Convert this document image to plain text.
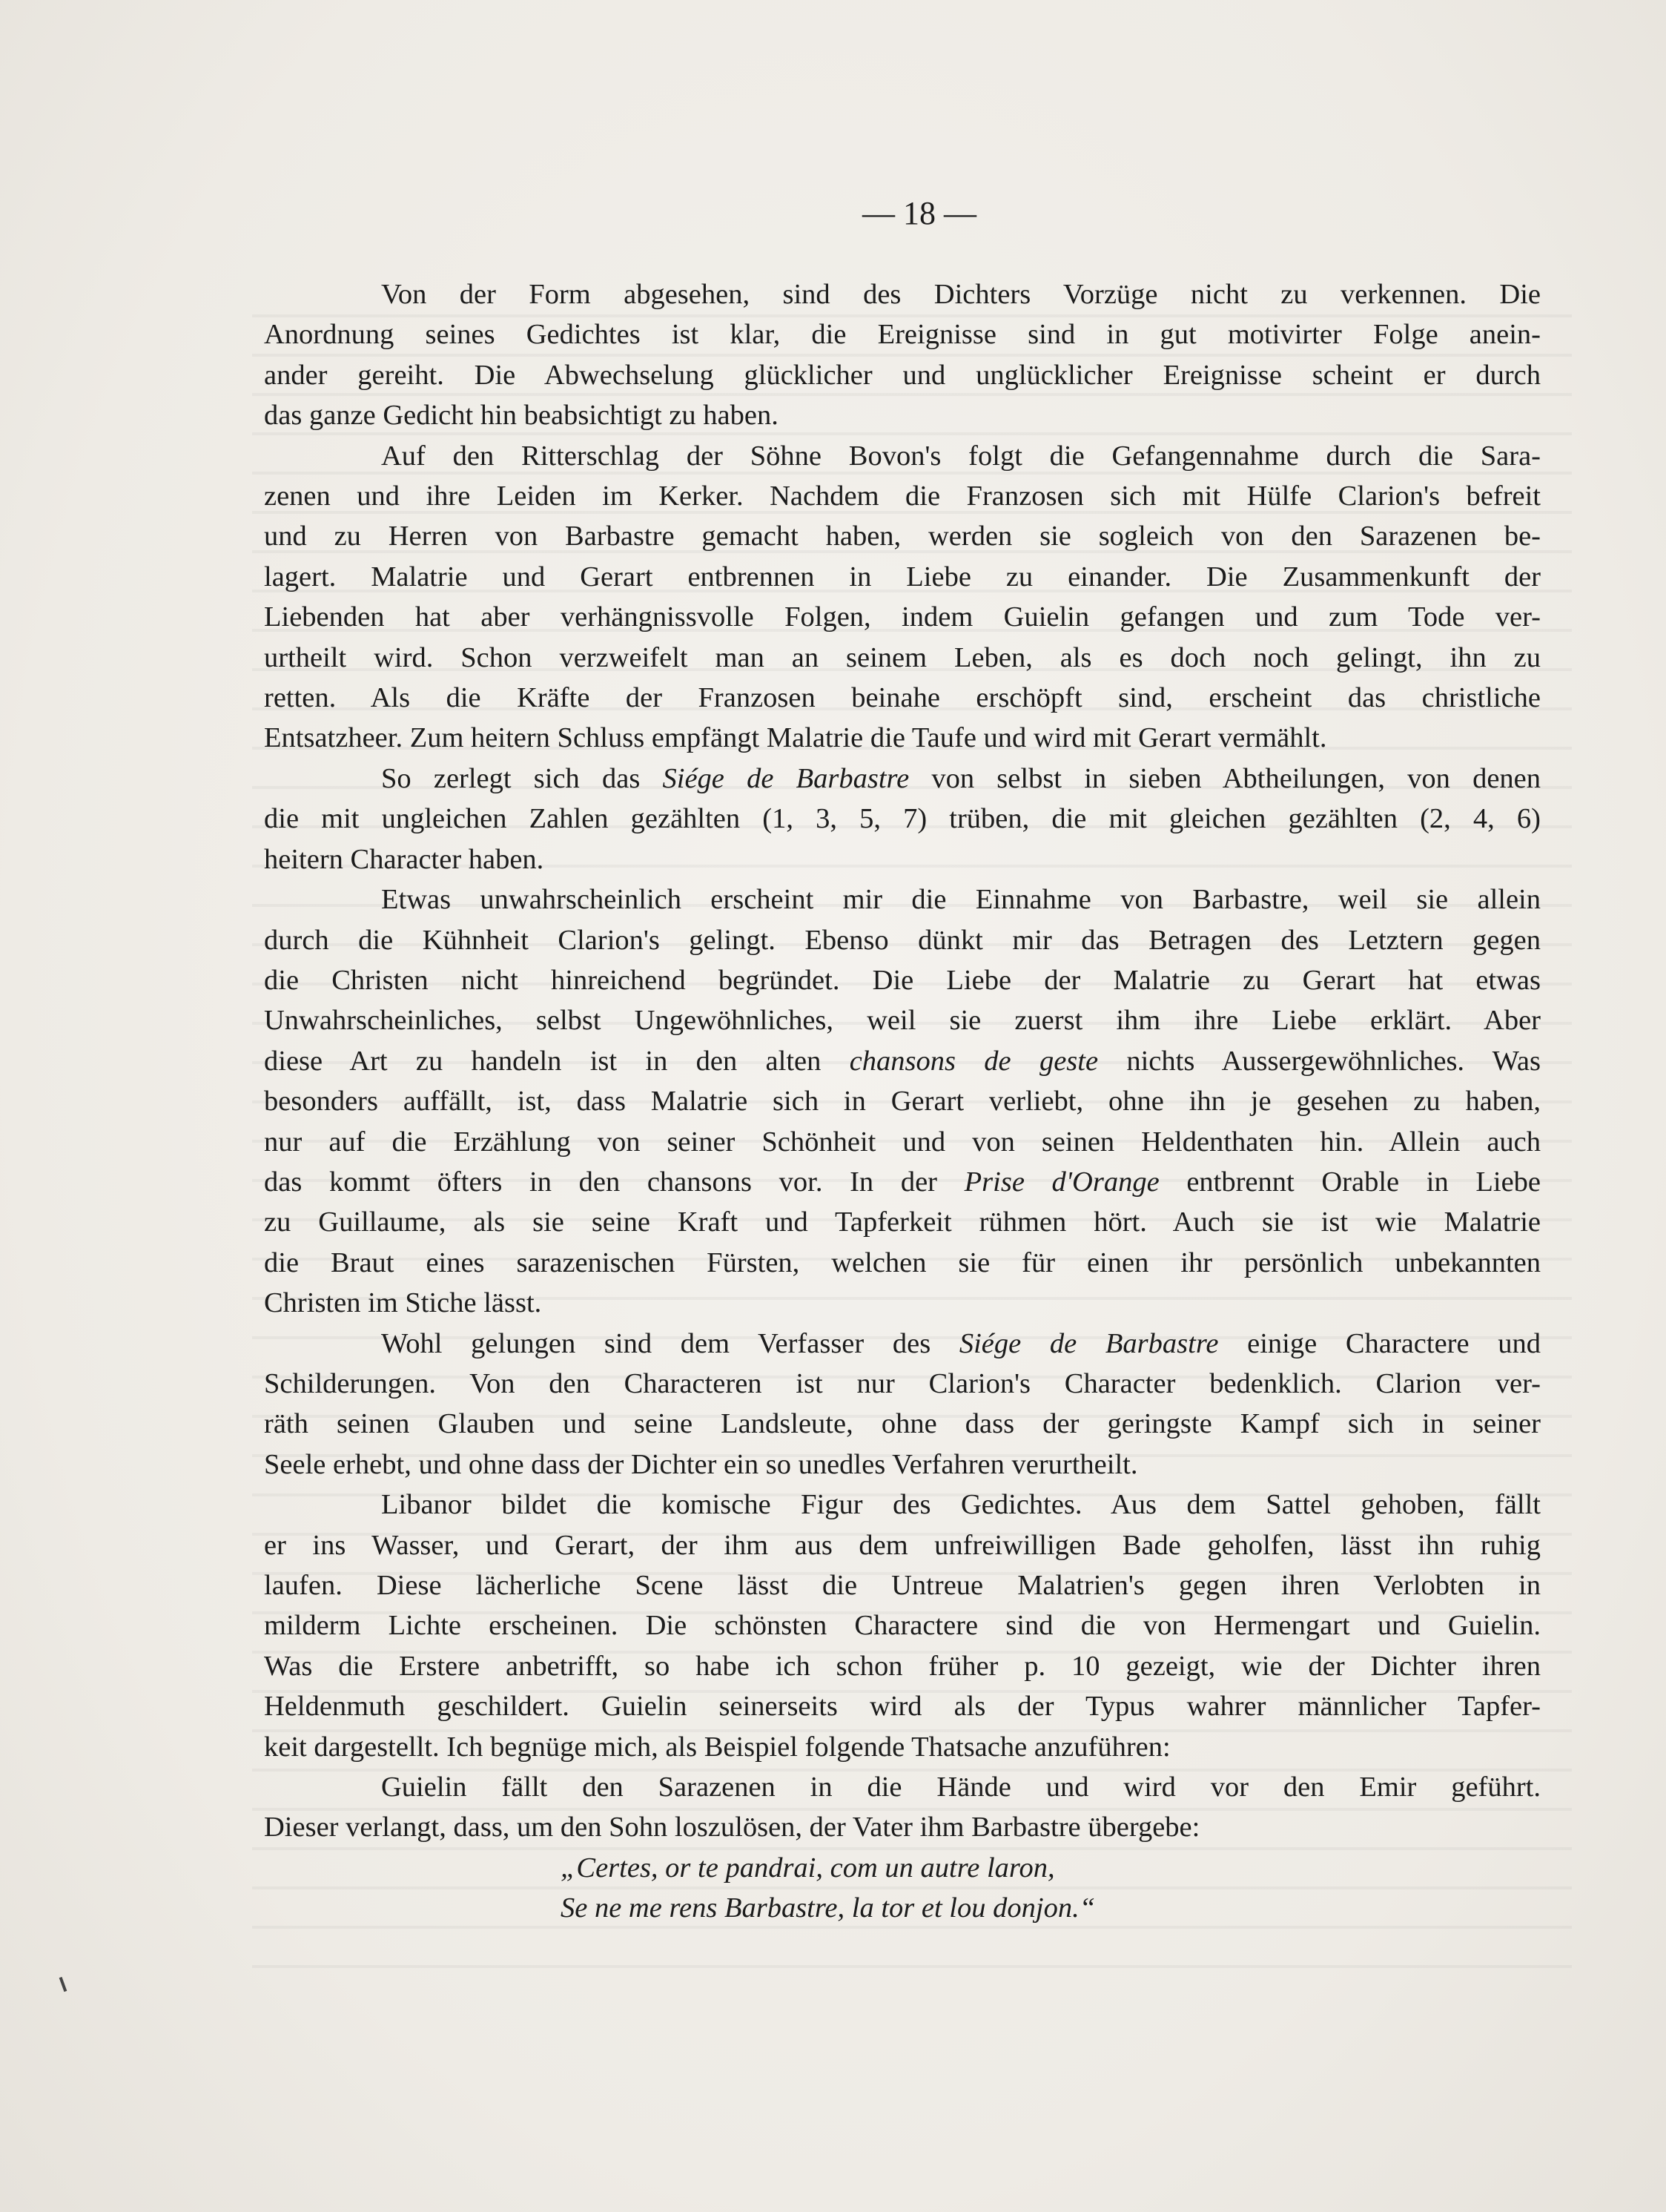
— 18 —

Von der Form abgesehen, sind des Dichters Vorzüge nicht zu verkennen. Die
Anordnung seines Gedichtes ist klar, die Ereignisse sind in gut motivirter Folge anein-
ander gereiht. Die Abwechselung glücklicher und unglücklicher Ereignisse scheint er durch
das ganze Gedicht hin beabsichtigt zu haben.

Auf den Ritterschlag der Söhne Bovon's folgt die Gefangennahme durch die Sara-
zenen und ihre Leiden im Kerker. Nachdem die Franzosen sich mit Hülfe Clarion's befreit
und zu Herren von Barbastre gemacht haben, werden sie sogleich von den Sarazenen be-
lagert. Malatrie und Gerart entbrennen in Liebe zu einander. Die Zusammenkunft der
Liebenden hat aber verhängnissvolle Folgen, indem Guielin gefangen und zum Tode ver-
urtheilt wird. Schon verzweifelt man an seinem Leben, als es doch noch gelingt, ihn zu
retten. Als die Kräfte der Franzosen beinahe erschöpft sind, erscheint das christliche
Entsatzheer. Zum heitern Schluss empfängt Malatrie die Taufe und wird mit Gerart vermählt.

So zerlegt sich das Siége de Barbastre von selbst in sieben Abtheilungen, von denen
die mit ungleichen Zahlen gezählten (1, 3, 5, 7) trüben, die mit gleichen gezählten (2, 4, 6)
heitern Character haben.

Etwas unwahrscheinlich erscheint mir die Einnahme von Barbastre, weil sie allein
durch die Kühnheit Clarion's gelingt. Ebenso dünkt mir das Betragen des Letztern gegen
die Christen nicht hinreichend begründet. Die Liebe der Malatrie zu Gerart hat etwas
Unwahrscheinliches, selbst Ungewöhnliches, weil sie zuerst ihm ihre Liebe erklärt. Aber
diese Art zu handeln ist in den alten chansons de geste nichts Aussergewöhnliches. Was
besonders auffällt, ist, dass Malatrie sich in Gerart verliebt, ohne ihn je gesehen zu haben,
nur auf die Erzählung von seiner Schönheit und von seinen Heldenthaten hin. Allein auch
das kommt öfters in den chansons vor. In der Prise d'Orange entbrennt Orable in Liebe
zu Guillaume, als sie seine Kraft und Tapferkeit rühmen hört. Auch sie ist wie Malatrie
die Braut eines sarazenischen Fürsten, welchen sie für einen ihr persönlich unbekannten
Christen im Stiche lässt.

Wohl gelungen sind dem Verfasser des Siége de Barbastre einige Charactere und
Schilderungen. Von den Characteren ist nur Clarion's Character bedenklich. Clarion ver-
räth seinen Glauben und seine Landsleute, ohne dass der geringste Kampf sich in seiner
Seele erhebt, und ohne dass der Dichter ein so unedles Verfahren verurtheilt.

Libanor bildet die komische Figur des Gedichtes. Aus dem Sattel gehoben, fällt
er ins Wasser, und Gerart, der ihm aus dem unfreiwilligen Bade geholfen, lässt ihn ruhig
laufen. Diese lächerliche Scene lässt die Untreue Malatrien's gegen ihren Verlobten in
milderm Lichte erscheinen. Die schönsten Charactere sind die von Hermengart und Guielin.
Was die Erstere anbetrifft, so habe ich schon früher p. 10 gezeigt, wie der Dichter ihren
Heldenmuth geschildert. Guielin seinerseits wird als der Typus wahrer männlicher Tapfer-
keit dargestellt. Ich begnüge mich, als Beispiel folgende Thatsache anzuführen:

Guielin fällt den Sarazenen in die Hände und wird vor den Emir geführt.
Dieser verlangt, dass, um den Sohn loszulösen, der Vater ihm Barbastre übergebe:

„Certes, or te pandrai, com un autre laron,
Se ne me rens Barbastre, la tor et lou donjon.“
